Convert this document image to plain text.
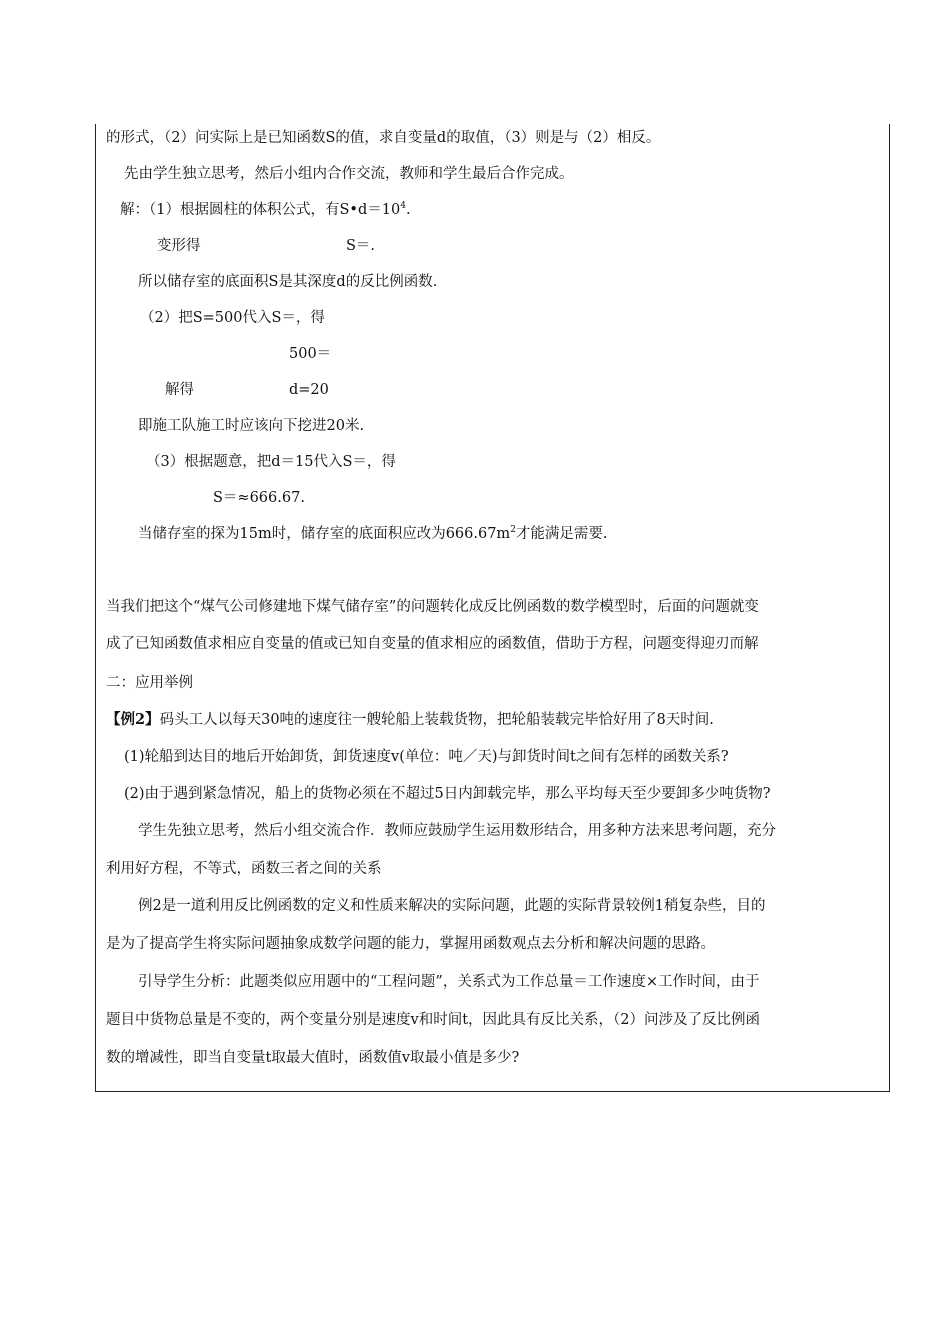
的形式，（2）问实际上是已知函数S的值，求自变量d的取值，（3）则是与（2）相反。
先由学生独立思考，然后小组内合作交流，教师和学生最后合作完成。
解：（1）根据圆柱的体积公式，有$S•d=10^4$.
变形得	S＝.
所以储存室的底面积S是其深度d的反比例函数.
（2）把S=500代入S＝，得
500＝
解得	d=20
即施工队施工时应该向下挖进20米.
（3）根据题意，把d＝15代入S＝，得
S＝≈666.67.
当储存室的探为15m时，储存室的底面积应改为$666.67m^2$才能满足需要.
当我们把这个“煤气公司修建地下煤气储存室”的问题转化成反比例函数的数学模型时，后面的问题就变
成了已知函数值求相应自变量的值或已知自变量的值求相应的函数值，借助于方程，问题变得迎刃而解
二：应用举例
【例2】码头工人以每天30吨的速度往一艘轮船上装载货物，把轮船装载完毕恰好用了8天时间.
(1)轮船到达目的地后开始卸货，卸货速度v(单位：吨／天)与卸货时间t之间有怎样的函数关系?
(2)由于遇到紧急情况，船上的货物必须在不超过5日内卸载完毕，那么平均每天至少要卸多少吨货物?
学生先独立思考，然后小组交流合作．教师应鼓励学生运用数形结合，用多种方法来思考问题，充分
利用好方程，不等式，函数三者之间的关系
例2是一道利用反比例函数的定义和性质来解决的实际问题，此题的实际背景较例1稍复杂些，目的
是为了提高学生将实际问题抽象成数学问题的能力，掌握用函数观点去分析和解决问题的思路。
引导学生分析：此题类似应用题中的“工程问题”，关系式为工作总量＝工作速度×工作时间，由于
题目中货物总量是不变的，两个变量分别是速度v和时间t，因此具有反比关系，（2）问涉及了反比例函
数的增减性，即当自变量t取最大值时，函数值v取最小值是多少?
